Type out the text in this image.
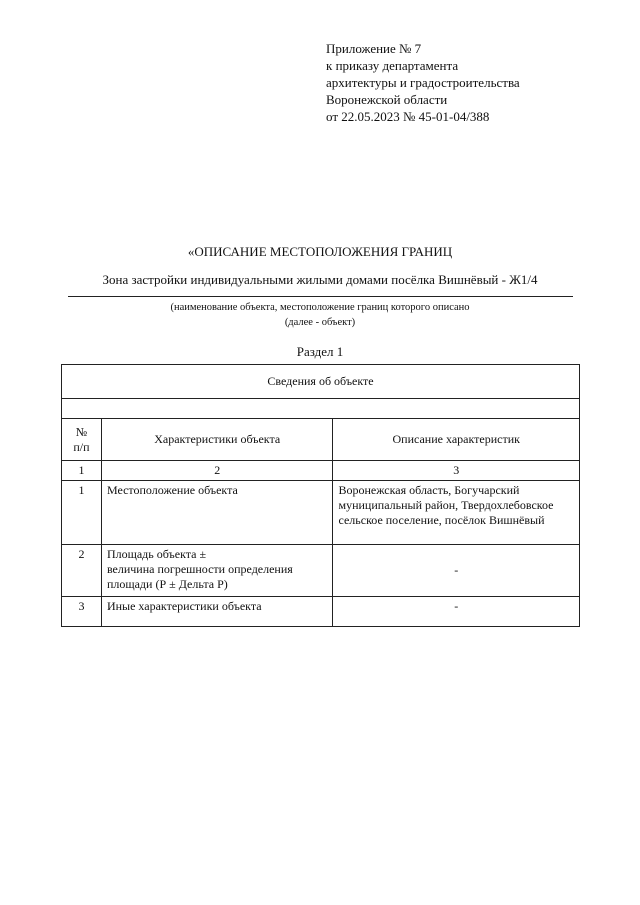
Приложение № 7
к приказу департамента
архитектуры и градостроительства
Воронежской области
от 22.05.2023 № 45-01-04/388
«ОПИСАНИЕ МЕСТОПОЛОЖЕНИЯ ГРАНИЦ
Зона застройки индивидуальными жилыми домами посёлка Вишнёвый - Ж1/4
(наименование объекта, местоположение границ которого описано
(далее - объект)
Раздел 1
Сведения об объекте		

№
п/п	Характеристики объекта	Описание характеристик
1	2	3
1	Местоположение объекта	Воронежская область, Богучарский
муниципальный район, Твердохлебовское
сельское поселение, посёлок Вишнёвый

2	Площадь объекта ±
величина погрешности определения
площади (Р ± Дельта Р)	-
3	Иные характеристики объекта	-
